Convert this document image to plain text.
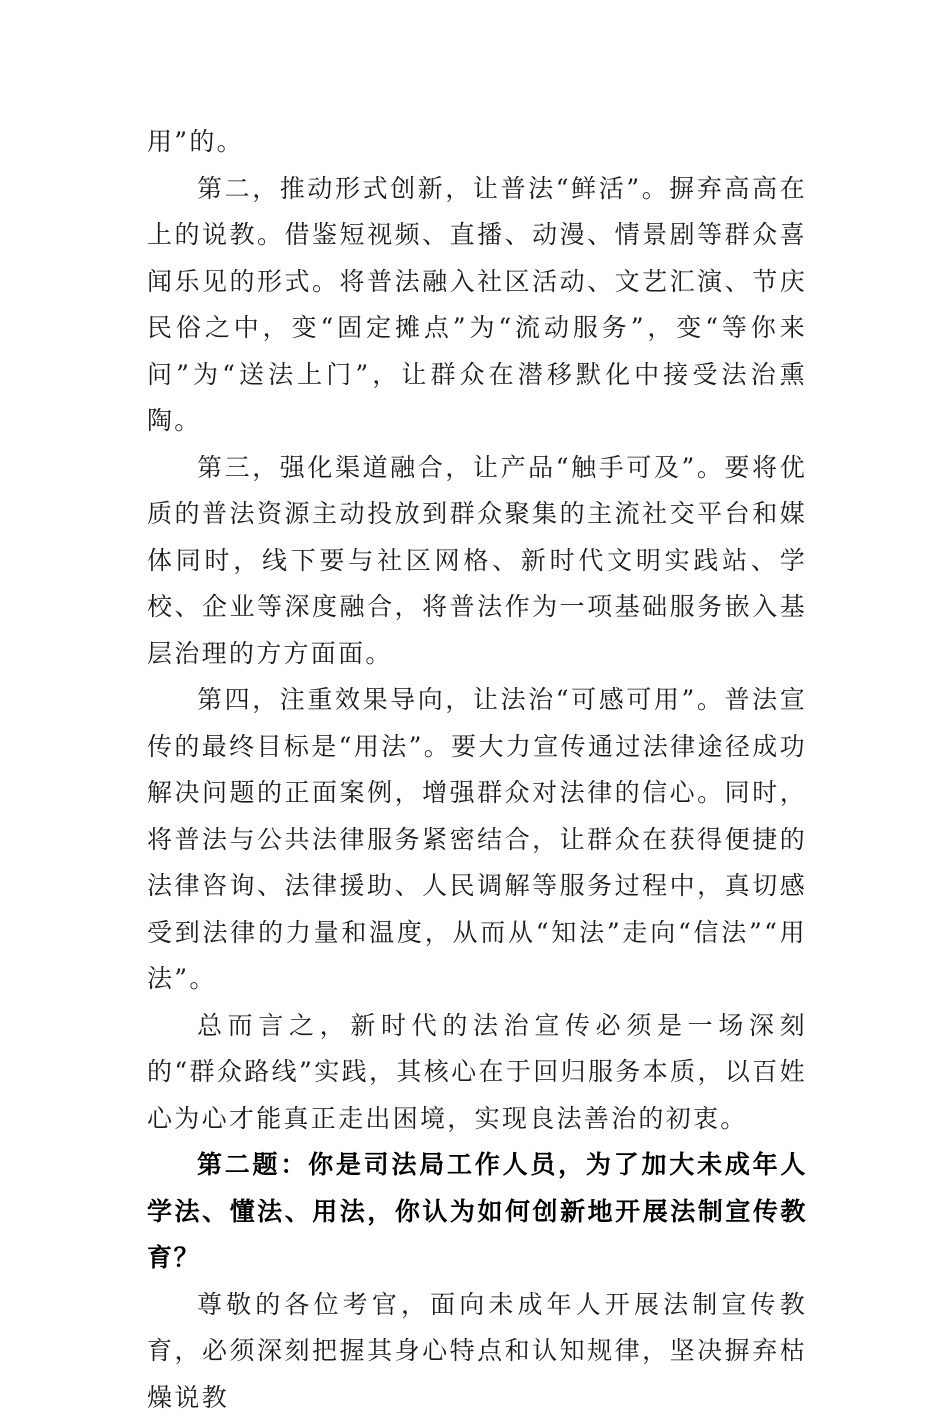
用”的。

第二，推动形式创新，让普法“鲜活”。摒弃高高在上的说教。借鉴短视频、直播、动漫、情景剧等群众喜闻乐见的形式。将普法融入社区活动、文艺汇演、节庆民俗之中，变“固定摊点”为“流动服务”，变“等你来问”为“送法上门”，让群众在潜移默化中接受法治熏陶。

第三，强化渠道融合，让产品“触手可及”。要将优质的普法资源主动投放到群众聚集的主流社交平台和媒体同时，线下要与社区网格、新时代文明实践站、学校、企业等深度融合，将普法作为一项基础服务嵌入基层治理的方方面面。

第四，注重效果导向，让法治“可感可用”。普法宣传的最终目标是“用法”。要大力宣传通过法律途径成功解决问题的正面案例，增强群众对法律的信心。同时，将普法与公共法律服务紧密结合，让群众在获得便捷的法律咨询、法律援助、人民调解等服务过程中，真切感受到法律的力量和温度，从而从“知法”走向“信法”“用法”。

总而言之，新时代的法治宣传必须是一场深刻的“群众路线”实践，其核心在于回归服务本质，以百姓心为心才能真正走出困境，实现良法善治的初衷。

第二题：你是司法局工作人员，为了加大未成年人学法、懂法、用法，你认为如何创新地开展法制宣传教育？

尊敬的各位考官，面向未成年人开展法制宣传教育，必须深刻把握其身心特点和认知规律，坚决摒弃枯燥说教
